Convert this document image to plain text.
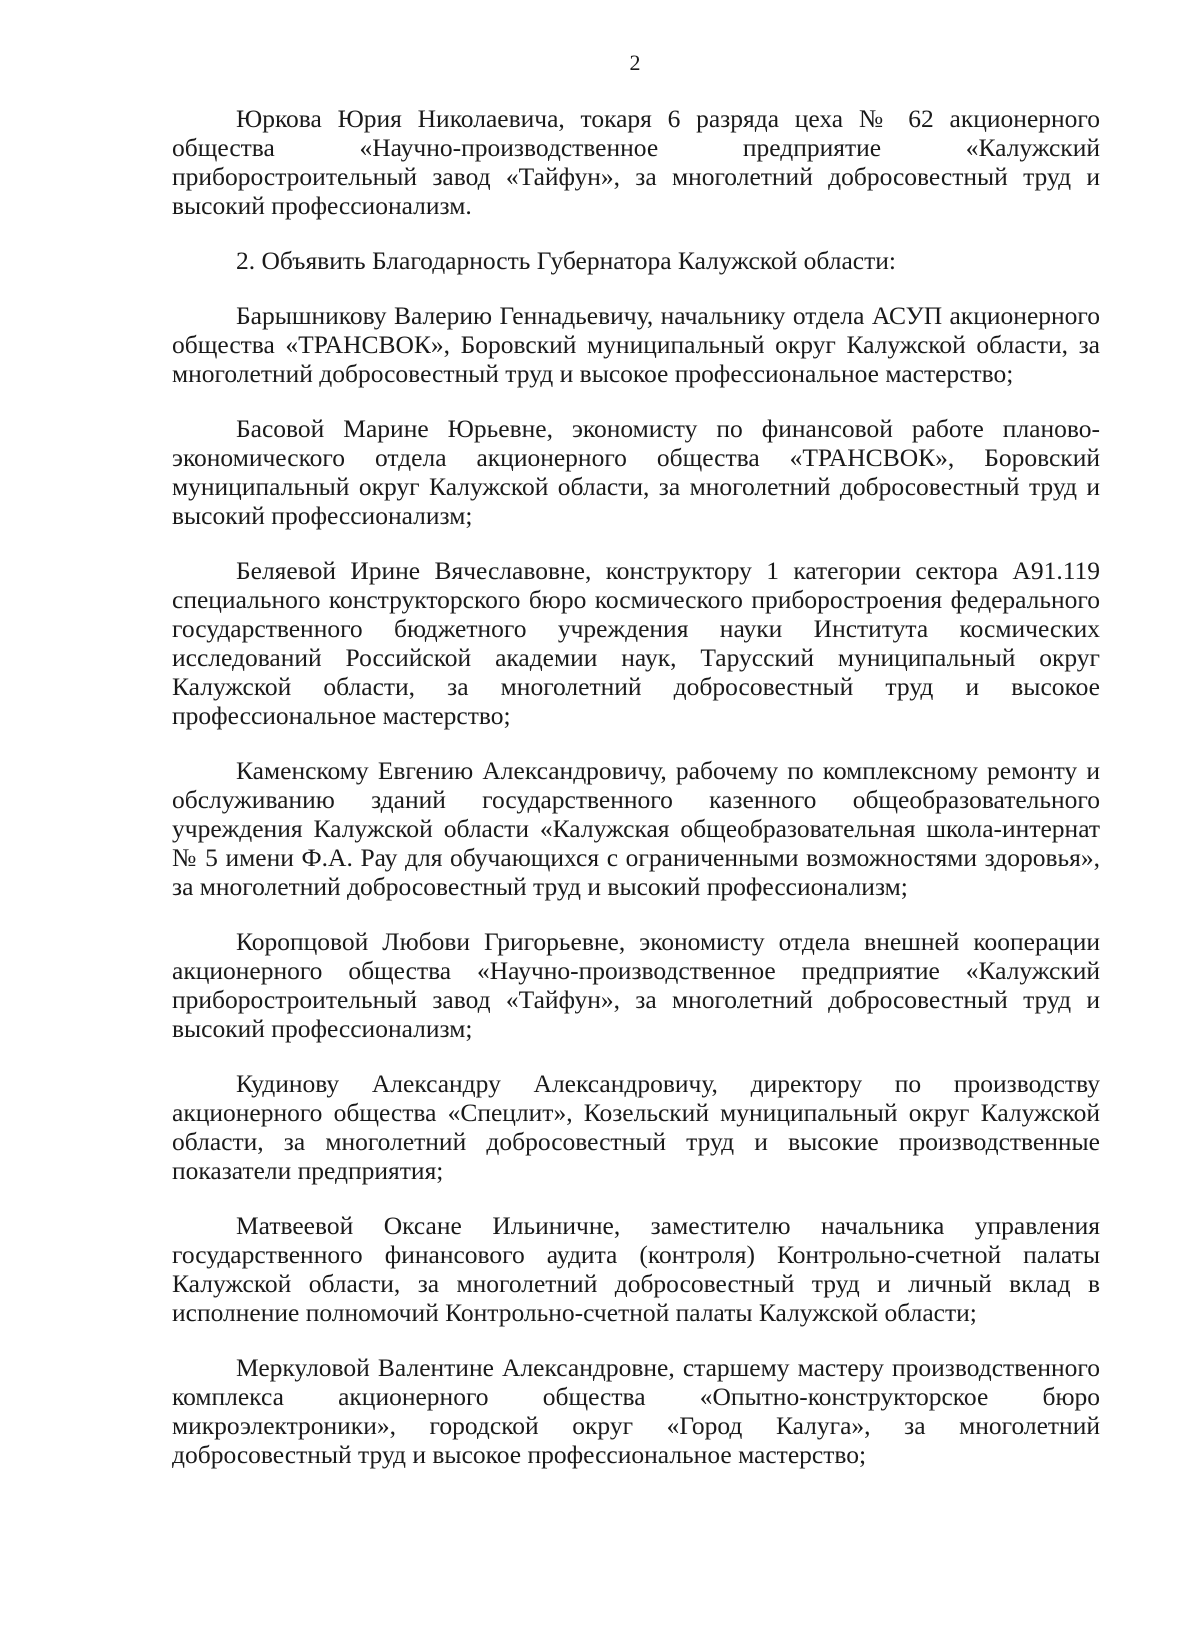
2

Юркова Юрия Николаевича, токаря 6 разряда цеха № 62 акционерного общества «Научно-производственное предприятие «Калужский приборостроительный завод «Тайфун», за многолетний добросовестный труд и высокий профессионализм.

2. Объявить Благодарность Губернатора Калужской области:

Барышникову Валерию Геннадьевичу, начальнику отдела АСУП акционерного общества «ТРАНСВОК», Боровский муниципальный округ Калужской области, за многолетний добросовестный труд и высокое профессиональное мастерство;

Басовой Марине Юрьевне, экономисту по финансовой работе планово-экономического отдела акционерного общества «ТРАНСВОК», Боровский муниципальный округ Калужской области, за многолетний добросовестный труд и высокий профессионализм;

Беляевой Ирине Вячеславовне, конструктору 1 категории сектора А91.119 специального конструкторского бюро космического приборостроения федерального государственного бюджетного учреждения науки Института космических исследований Российской академии наук, Тарусский муниципальный округ Калужской области, за многолетний добросовестный труд и высокое профессиональное мастерство;

Каменскому Евгению Александровичу, рабочему по комплексному ремонту и обслуживанию зданий государственного казенного общеобразовательного учреждения Калужской области «Калужская общеобразовательная школа-интернат № 5 имени Ф.А. Рау для обучающихся с ограниченными возможностями здоровья», за многолетний добросовестный труд и высокий профессионализм;

Коропцовой Любови Григорьевне, экономисту отдела внешней кооперации акционерного общества «Научно-производственное предприятие «Калужский приборостроительный завод «Тайфун», за многолетний добросовестный труд и высокий профессионализм;

Кудинову Александру Александровичу, директору по производству акционерного общества «Спецлит», Козельский муниципальный округ Калужской области, за многолетний добросовестный труд и высокие производственные показатели предприятия;

Матвеевой Оксане Ильиничне, заместителю начальника управления государственного финансового аудита (контроля) Контрольно-счетной палаты Калужской области, за многолетний добросовестный труд и личный вклад в исполнение полномочий Контрольно-счетной палаты Калужской области;

Меркуловой Валентине Александровне, старшему мастеру производственного комплекса акционерного общества «Опытно-конструкторское бюро микроэлектроники», городской округ «Город Калуга», за многолетний добросовестный труд и высокое профессиональное мастерство;
